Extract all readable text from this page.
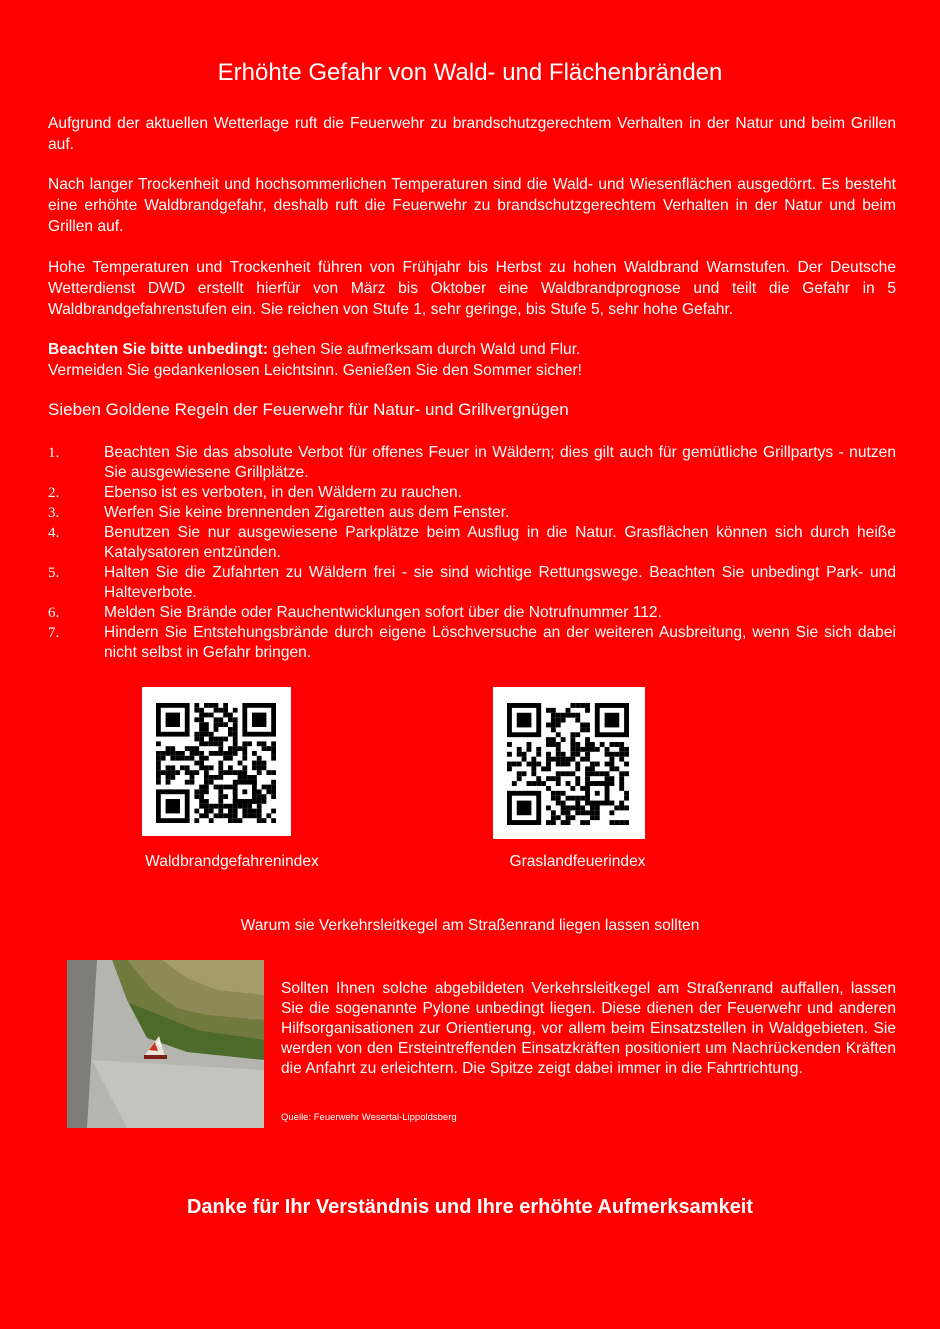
Erhöhte Gefahr von Wald- und Flächenbränden
Aufgrund der aktuellen Wetterlage ruft die Feuerwehr zu brandschutzgerechtem Verhalten in der Natur und beim Grillen auf.
Nach langer Trockenheit und hochsommerlichen Temperaturen sind die Wald- und Wiesenflächen ausgedörrt. Es besteht eine erhöhte Waldbrandgefahr, deshalb ruft die Feuerwehr zu brandschutzgerechtem Verhalten in der Natur und beim Grillen auf.
Hohe Temperaturen und Trockenheit führen von Frühjahr bis Herbst zu hohen Waldbrand Warnstufen. Der Deutsche Wetterdienst DWD erstellt hierfür von März bis Oktober eine Waldbrandprognose und teilt die Gefahr in 5 Waldbrandgefahrenstufen ein. Sie reichen von Stufe 1, sehr geringe, bis Stufe 5, sehr hohe Gefahr.
Beachten Sie bitte unbedingt: gehen Sie aufmerksam durch Wald und Flur.
Vermeiden Sie gedankenlosen Leichtsinn. Genießen Sie den Sommer sicher!
Sieben Goldene Regeln der Feuerwehr für Natur- und Grillvergnügen
1.	Beachten Sie das absolute Verbot für offenes Feuer in Wäldern; dies gilt auch für gemütliche Grillpartys - nutzen Sie ausgewiesene Grillplätze.
2.	Ebenso ist es verboten, in den Wäldern zu rauchen.
3.	Werfen Sie keine brennenden Zigaretten aus dem Fenster.
4.	Benutzen Sie nur ausgewiesene Parkplätze beim Ausflug in die Natur. Grasflächen können sich durch heiße Katalysatoren entzünden.
5.	Halten Sie die Zufahrten zu Wäldern frei - sie sind wichtige Rettungswege. Beachten Sie unbedingt Park- und Halteverbote.
6.	Melden Sie Brände oder Rauchentwicklungen sofort über die Notrufnummer 112.
7.	Hindern Sie Entstehungsbrände durch eigene Löschversuche an der weiteren Ausbreitung, wenn Sie sich dabei nicht selbst in Gefahr bringen.
Waldbrandgefahrenindex	Graslandfeuerindex
Warum sie Verkehrsleitkegel am Straßenrand liegen lassen sollten
Sollten Ihnen solche abgebildeten Verkehrsleitkegel am Straßenrand auffallen, lassen Sie die sogenannte Pylone unbedingt liegen. Diese dienen der Feuerwehr und anderen Hilfsorganisationen zur Orientierung, vor allem beim Einsatzstellen in Waldgebieten. Sie werden von den Ersteintreffenden Einsatzkräften positioniert um Nachrückenden Kräften die Anfahrt zu erleichtern. Die Spitze zeigt dabei immer in die Fahrtrichtung.
Quelle: Feuerwehr Wesertal-Lippoldsberg
Danke für Ihr Verständnis und Ihre erhöhte Aufmerksamkeit
